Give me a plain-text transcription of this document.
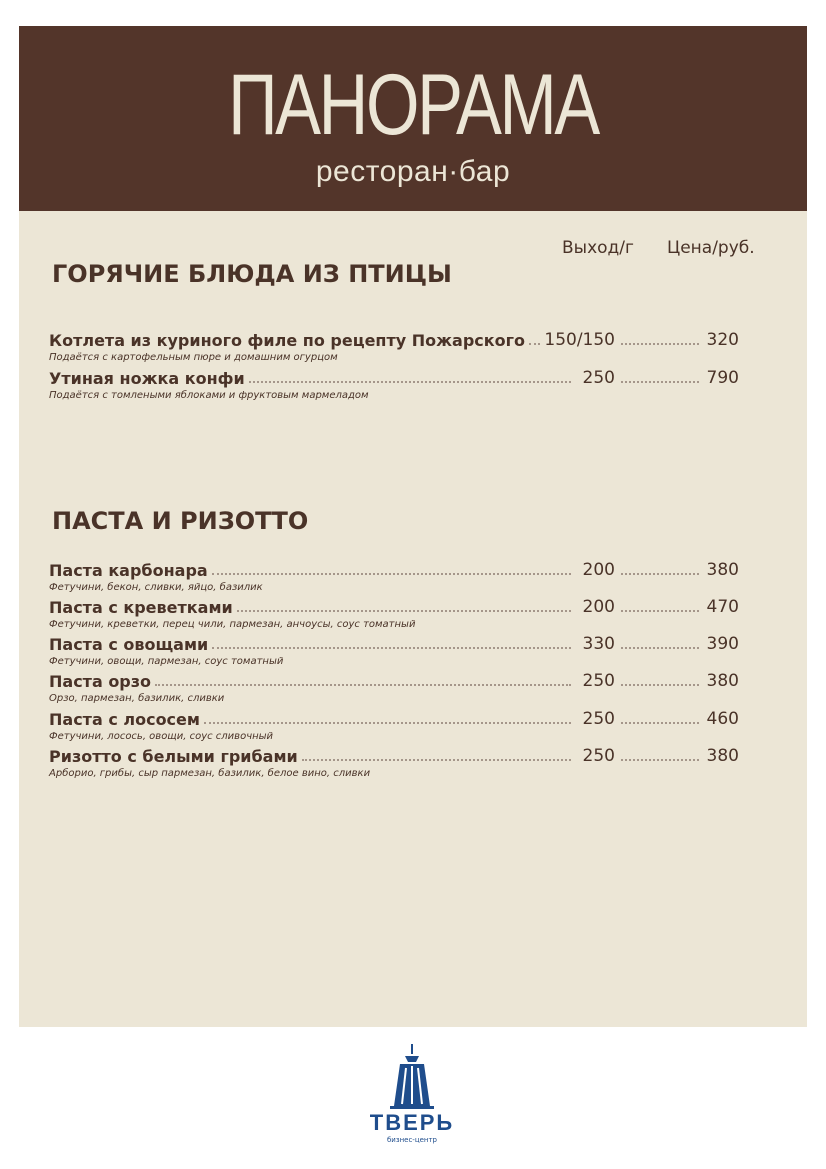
ПАНОРАМА
ресторан·бар
ГОРЯЧИЕ БЛЮДА ИЗ ПТИЦЫ
Выход/г Цена/руб.
Котлета из куриного филе по рецепту Пожарского 150/150	320
Подаётся с картофельным пюре и домашним огурцом
Утиная ножка конфи	250	790
Подаётся с томлеными яблоками и фруктовым мармеладом
ПАСТА И РИЗОТТО
Паста карбонара	200	380
Фетучини, бекон, сливки, яйцо, базилик
Паста с креветками	200	470
Фетучини, креветки, перец чили, пармезан, анчоусы, соус томатный
Паста с овощами	330	390
Фетучини, овощи, пармезан, соус томатный
Паста орзо	250	380
Орзо, пармезан, базилик, сливки
Паста с лососем	250	460
Фетучини, лосось, овощи, соус сливочный
Ризотто с белыми грибами	250	380
Арборио, грибы, сыр пармезан, базилик, белое вино, сливки
ТВЕРЬ
бизнес-центр
